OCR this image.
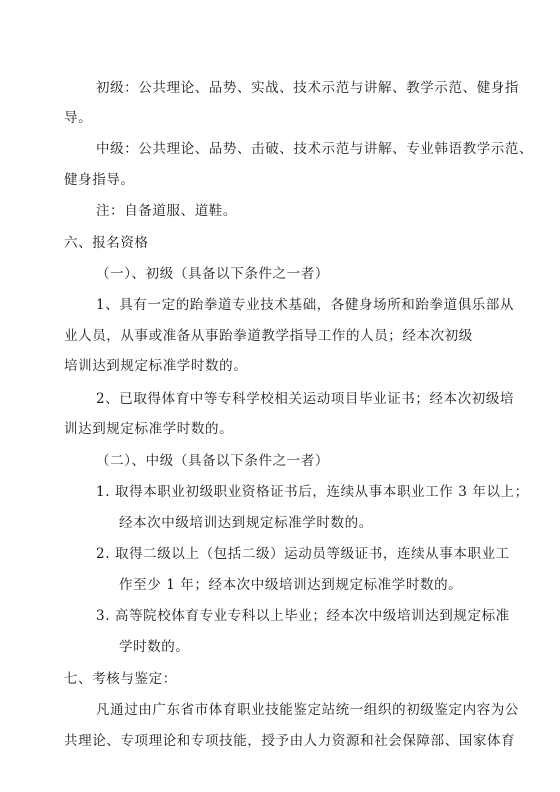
初级：公共理论、品势、实战、技术示范与讲解、教学示范、健身指
导。
中级：公共理论、品势、击破、技术示范与讲解、专业韩语教学示范、
健身指导。
注：自备道服、道鞋。
六、报名资格
（一）、初级（具备以下条件之一者）
1、具有一定的跆拳道专业技术基础，各健身场所和跆拳道俱乐部从
业人员，从事或准备从事跆拳道教学指导工作的人员；经本次初级
培训达到规定标准学时数的。
2、已取得体育中等专科学校相关运动项目毕业证书；经本次初级培
训达到规定标准学时数的。
（二）、中级（具备以下条件之一者）
1. 取得本职业初级职业资格证书后，连续从事本职业工作 3 年以上；
经本次中级培训达到规定标准学时数的。
2. 取得二级以上（包括二级）运动员等级证书，连续从事本职业工
作至少 1 年；经本次中级培训达到规定标准学时数的。
3. 高等院校体育专业专科以上毕业；经本次中级培训达到规定标准
学时数的。
七、考核与鉴定：
凡通过由广东省市体育职业技能鉴定站统一组织的初级鉴定内容为公
共理论、专项理论和专项技能，授予由人力资源和社会保障部、国家体育
